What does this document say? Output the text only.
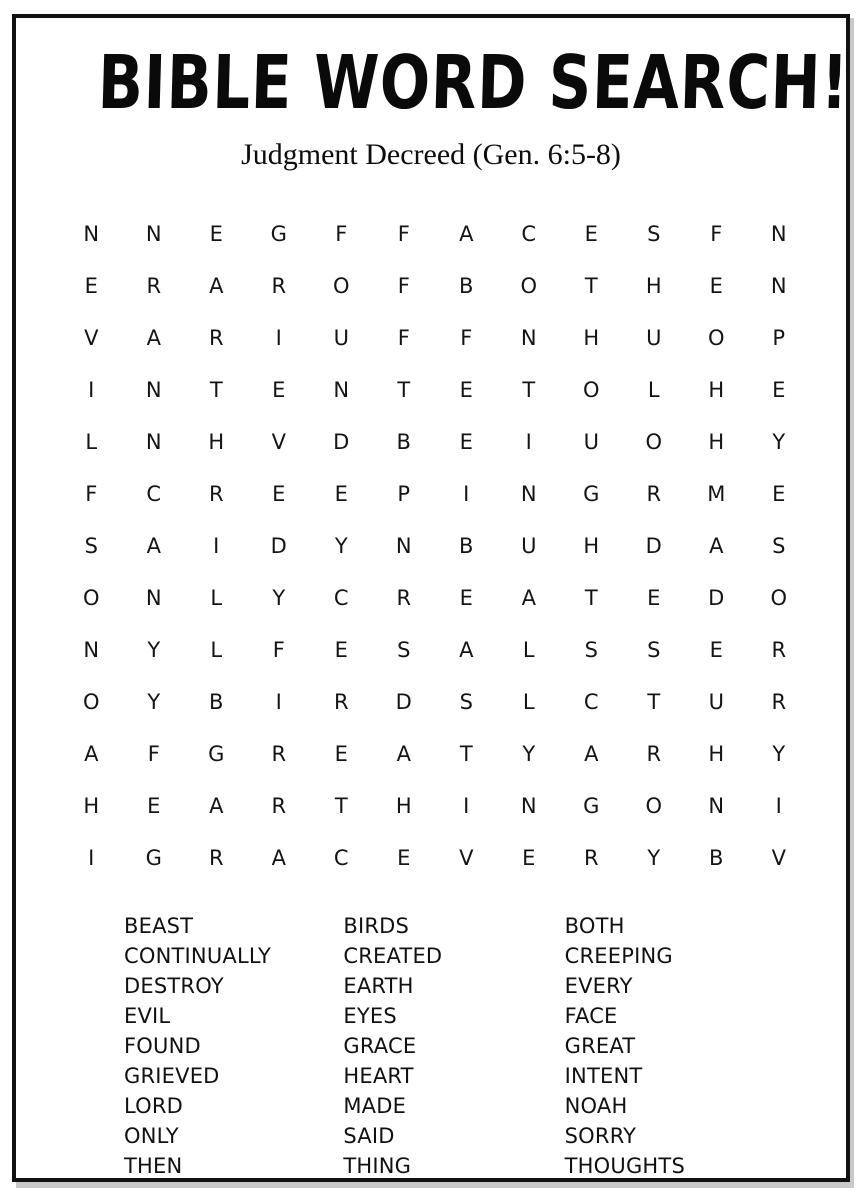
BIBLE WORD SEARCH!
Judgment Decreed (Gen. 6:5-8)
N	N	E	G	F	F	A	C	E	S	F	N
E	R	A	R	O	F	B	O	T	H	E	N
V	A	R	I	U	F	F	N	H	U	O	P
I	N	T	E	N	T	E	T	O	L	H	E
L	N	H	V	D	B	E	I	U	O	H	Y
F	C	R	E	E	P	I	N	G	R	M	E
S	A	I	D	Y	N	B	U	H	D	A	S
O	N	L	Y	C	R	E	A	T	E	D	O
N	Y	L	F	E	S	A	L	S	S	E	R
O	Y	B	I	R	D	S	L	C	T	U	R
A	F	G	R	E	A	T	Y	A	R	H	Y
H	E	A	R	T	H	I	N	G	O	N	I
I	G	R	A	C	E	V	E	R	Y	B	V
BEAST
CONTINUALLY
DESTROY
EVIL
FOUND
GRIEVED
LORD
ONLY
THEN
BIRDS
CREATED
EARTH
EYES
GRACE
HEART
MADE
SAID
THING
BOTH
CREEPING
EVERY
FACE
GREAT
INTENT
NOAH
SORRY
THOUGHTS
